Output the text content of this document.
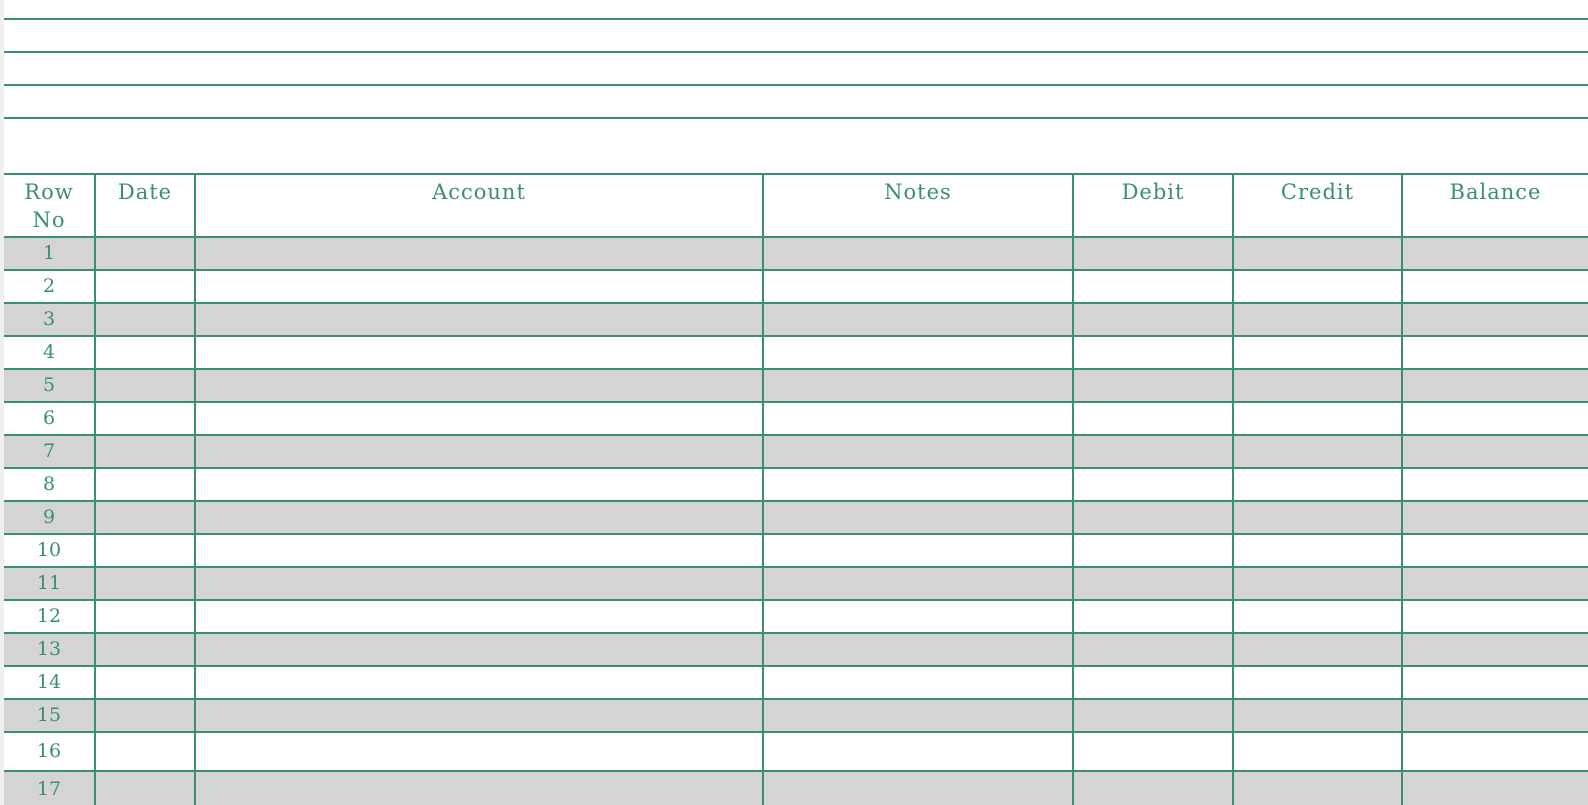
Row
No	Date	Account	Notes	Debit	Credit	Balance
1						
2						
3						
4						
5						
6						
7						
8						
9						
10						
11						
12						
13						
14						
15						
16						
17						
